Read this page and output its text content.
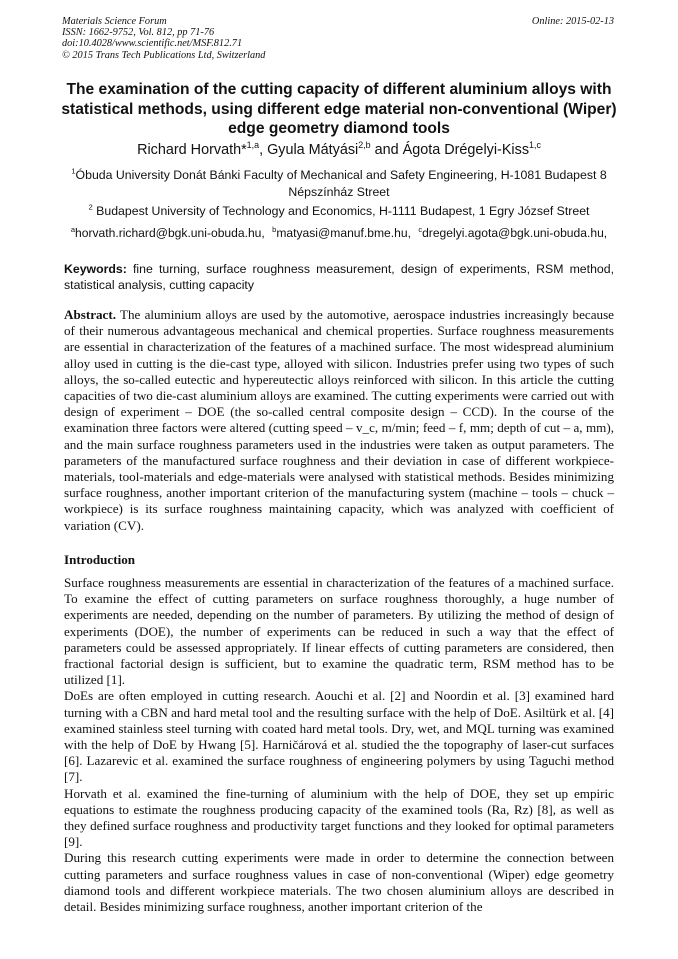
Materials Science Forum
ISSN: 1662-9752, Vol. 812, pp 71-76
doi:10.4028/www.scientific.net/MSF.812.71
© 2015 Trans Tech Publications Ltd, Switzerland
Online: 2015-02-13
The examination of the cutting capacity of different aluminium alloys with statistical methods, using different edge material non-conventional (Wiper) edge geometry diamond tools
Richard Horvath*$^{1,a}$, Gyula Mátyási$^{2,b}$ and Ágota Drégelyi-Kiss$^{1,c}$
$^1$Óbuda University Donát Bánki Faculty of Mechanical and Safety Engineering, H-1081 Budapest 8 Népszínház Street
$^2$ Budapest University of Technology and Economics, H-1111 Budapest, 1 Egry József Street
$^a$horvath.richard@bgk.uni-obuda.hu, $^b$matyasi@manuf.bme.hu, $^c$dregelyi.agota@bgk.uni-obuda.hu,
Keywords: fine turning, surface roughness measurement, design of experiments, RSM method, statistical analysis, cutting capacity
Abstract. The aluminium alloys are used by the automotive, aerospace industries increasingly because of their numerous advantageous mechanical and chemical properties. Surface roughness measurements are essential in characterization of the features of a machined surface. The most widespread aluminium alloy used in cutting is the die-cast type, alloyed with silicon. Industries prefer using two types of such alloys, the so-called eutectic and hypereutectic alloys reinforced with silicon. In this article the cutting capacities of two die-cast aluminium alloys are examined. The cutting experiments were carried out with design of experiment – DOE (the so-called central composite design – CCD). In the course of the examination three factors were altered (cutting speed – v_c, m/min; feed – f, mm; depth of cut – a, mm), and the main surface roughness parameters used in the industries were taken as output parameters. The parameters of the manufactured surface roughness and their deviation in case of different workpiece-materials, tool-materials and edge-materials were analysed with statistical methods. Besides minimizing surface roughness, another important criterion of the manufacturing system (machine – tools – chuck – workpiece) is its surface roughness maintaining capacity, which was analyzed with coefficient of variation (CV).
Introduction

Surface roughness measurements are essential in characterization of the features of a machined surface. To examine the effect of cutting parameters on surface roughness thoroughly, a huge number of experiments are needed, depending on the number of parameters. By utilizing the method of design of experiments (DOE), the number of experiments can be reduced in such a way that the effect of parameters could be assessed appropriately. If linear effects of cutting parameters are considered, then fractional factorial design is sufficient, but to examine the quadratic term, RSM method has to be utilized [1].

DoEs are often employed in cutting research. Aouchi et al. [2] and Noordin et al. [3] examined hard turning with a CBN and hard metal tool and the resulting surface with the help of DoE. Asiltürk et al. [4] examined stainless steel turning with coated hard metal tools. Dry, wet, and MQL turning was examined with the help of DoE by Hwang [5]. Harničárová et al. studied the the topography of laser-cut surfaces [6]. Lazarevic et al. examined the surface roughness of engineering polymers by using Taguchi method [7].

Horvath et al. examined the fine-turning of aluminium with the help of DOE, they set up empiric equations to estimate the roughness producing capacity of the examined tools (Ra, Rz) [8], as well as they defined surface roughness and productivity target functions and they looked for optimal parameters [9].

During this research cutting experiments were made in order to determine the connection between cutting parameters and surface roughness values in case of non-conventional (Wiper) edge geometry diamond tools and different workpiece materials. The two chosen aluminium alloys are described in detail. Besides minimizing surface roughness, another important criterion of the
